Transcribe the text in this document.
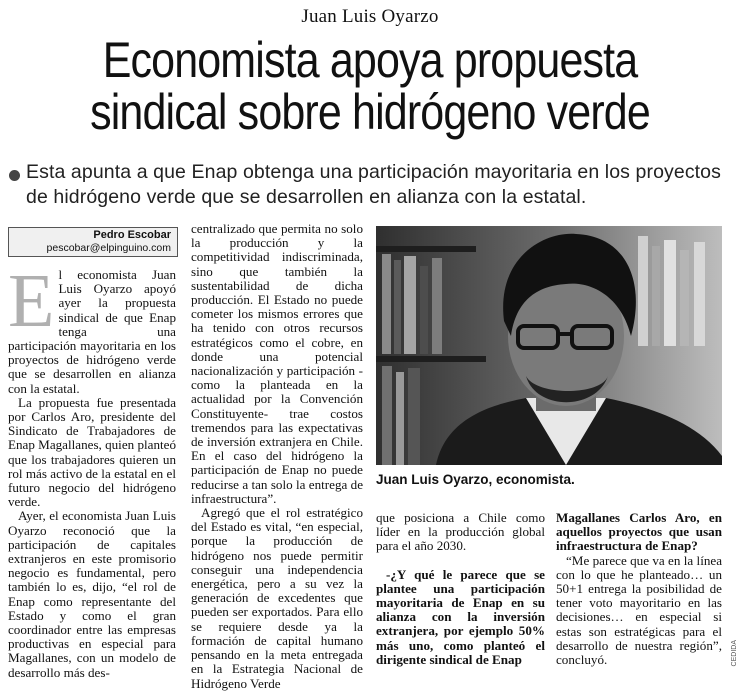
Juan Luis Oyarzo
Economista apoya propuesta
sindical sobre hidrógeno verde
Esta apunta a que Enap obtenga una participación mayoritaria en los proyectos de hidrógeno verde que se desarrollen en alianza con la estatal.
Pedro Escobar
pescobar@elpinguino.com
E l economista Juan Luis Oyarzo apoyó ayer la propuesta sindical de que Enap tenga una participación mayoritaria en los proyectos de hidrógeno verde que se desarrollen en alianza con la estatal.

La propuesta fue presentada por Carlos Aro, presidente del Sindicato de Trabajadores de Enap Magallanes, quien planteó que los trabajadores quieren un rol más activo de la estatal en el futuro negocio del hidrógeno verde.

Ayer, el economista Juan Luis Oyarzo reconoció que la participación de capitales extranjeros en este promisorio negocio es fundamental, pero también lo es, dijo, “el rol de Enap como representante del Estado y como el gran coordinador entre las empresas productivas en especial para Magallanes, con un modelo de desarrollo más des-

centralizado que permita no solo la producción y la competitividad indiscriminada, sino que también la sustentabilidad de dicha producción. El Estado no puede cometer los mismos errores que ha tenido con otros recursos estratégicos como el cobre, en donde una potencial nacionalización y participación -como la planteada en la actualidad por la Convención Constituyente- trae costos tremendos para las expectativas de inversión extranjera en Chile. En el caso del hidrógeno la participación de Enap no puede reducirse a tan solo la entrega de infraestructura”.

Agregó que el rol estratégico del Estado es vital, “en especial, porque la producción de hidrógeno nos puede permitir conseguir una independencia energética, pero a su vez la generación de excedentes que pueden ser exportados. Para ello se requiere desde ya la formación de capital humano pensando en la meta entregada en la Estrategia Nacional de Hidrógeno Verde

Juan Luis Oyarzo, economista.

que posiciona a Chile como líder en la producción global para el año 2030.

-¿Y qué le parece que se plantee una participación mayoritaria de Enap en su alianza con la inversión extranjera, por ejemplo 50% más uno, como planteó el dirigente sindical de Enap

Magallanes Carlos Aro, en aquellos proyectos que usan infraestructura de Enap?

“Me parece que va en la línea con lo que he planteado… un 50+1 entrega la posibilidad de tener voto mayoritario en las decisiones… en especial si estas son estratégicas para el desarrollo de nuestra región”, concluyó.	CEDIDA
